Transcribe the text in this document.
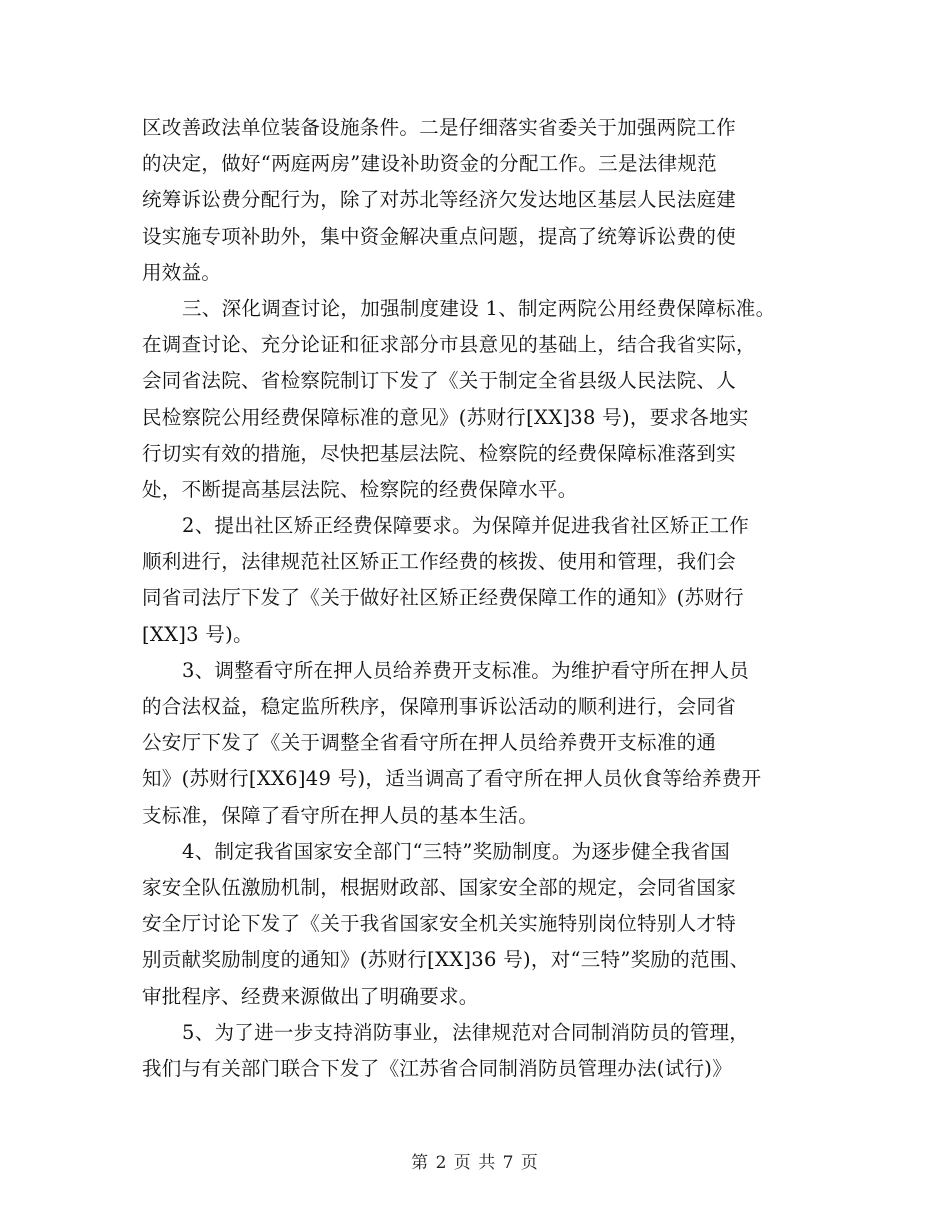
区改善政法单位装备设施条件。二是仔细落实省委关于加强两院工作
的决定，做好“两庭两房”建设补助资金的分配工作。三是法律规范
统筹诉讼费分配行为，除了对苏北等经济欠发达地区基层人民法庭建
设实施专项补助外，集中资金解决重点问题，提高了统筹诉讼费的使
用效益。
三、深化调查讨论，加强制度建设 1、制定两院公用经费保障标准。
在调查讨论、充分论证和征求部分市县意见的基础上，结合我省实际，
会同省法院、省检察院制订下发了《关于制定全省县级人民法院、人
民检察院公用经费保障标准的意见》(苏财行[XX]38 号)，要求各地实
行切实有效的措施，尽快把基层法院、检察院的经费保障标准落到实
处，不断提高基层法院、检察院的经费保障水平。
2、提出社区矫正经费保障要求。为保障并促进我省社区矫正工作
顺利进行，法律规范社区矫正工作经费的核拨、使用和管理，我们会
同省司法厅下发了《关于做好社区矫正经费保障工作的通知》(苏财行
[XX]3 号)。
3、调整看守所在押人员给养费开支标准。为维护看守所在押人员
的合法权益，稳定监所秩序，保障刑事诉讼活动的顺利进行，会同省
公安厅下发了《关于调整全省看守所在押人员给养费开支标准的通
知》(苏财行[XX6]49 号)，适当调高了看守所在押人员伙食等给养费开
支标准，保障了看守所在押人员的基本生活。
4、制定我省国家安全部门“三特”奖励制度。为逐步健全我省国
家安全队伍激励机制，根据财政部、国家安全部的规定，会同省国家
安全厅讨论下发了《关于我省国家安全机关实施特别岗位特别人才特
别贡献奖励制度的通知》(苏财行[XX]36 号)，对“三特”奖励的范围、
审批程序、经费来源做出了明确要求。
5、为了进一步支持消防事业，法律规范对合同制消防员的管理，
我们与有关部门联合下发了《江苏省合同制消防员管理办法(试行)》
第 2 页 共 7 页
